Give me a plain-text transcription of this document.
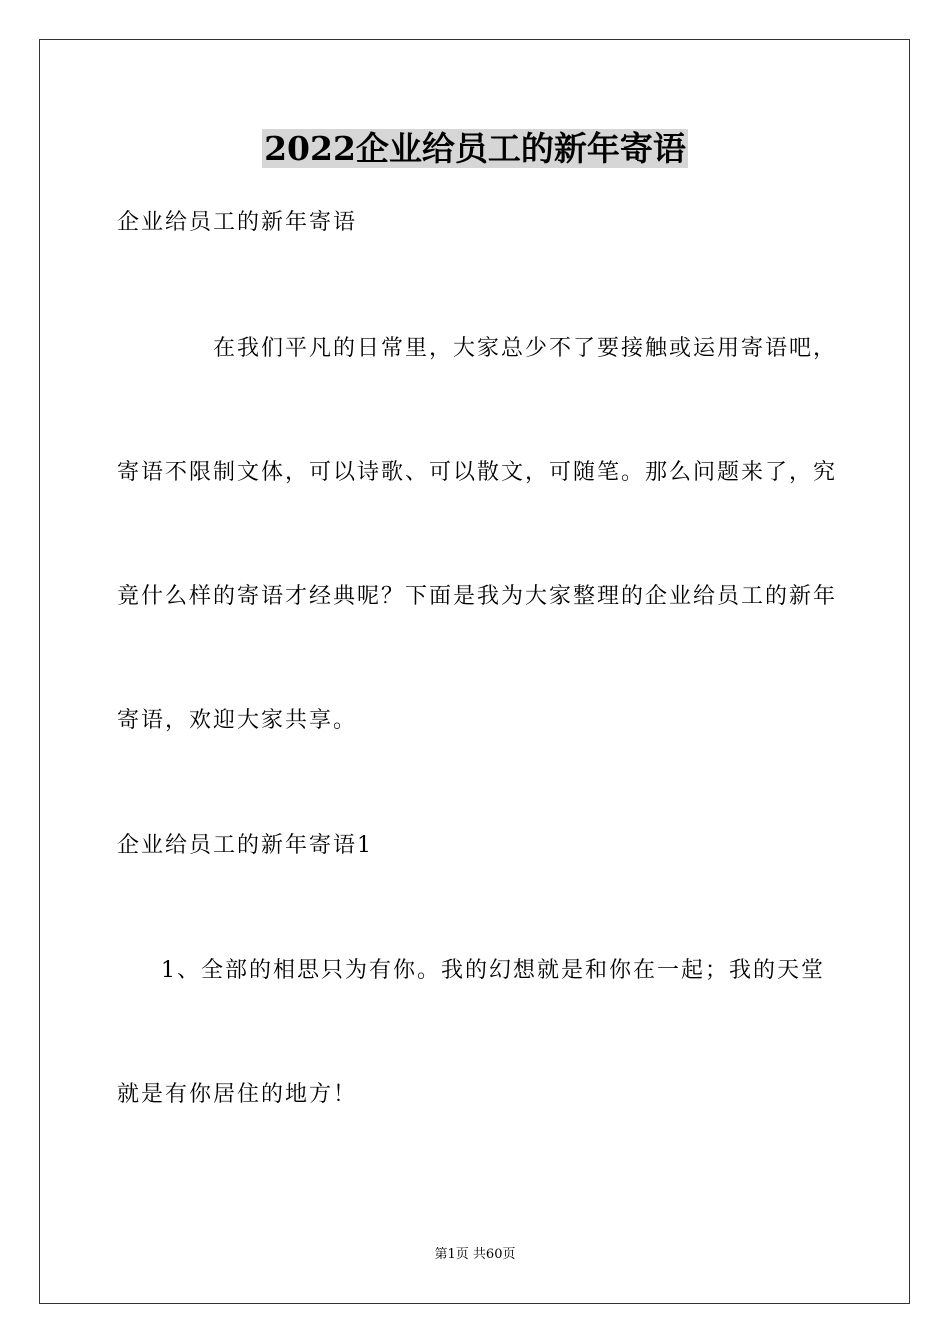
2022企业给员工的新年寄语
企业给员工的新年寄语
在我们平凡的日常里，大家总少不了要接触或运用寄语吧，
寄语不限制文体，可以诗歌、可以散文，可随笔。那么问题来了，究
竟什么样的寄语才经典呢？下面是我为大家整理的企业给员工的新年
寄语，欢迎大家共享。
企业给员工的新年寄语1
1、全部的相思只为有你。我的幻想就是和你在一起；我的天堂
就是有你居住的地方！
第1页 共60页
